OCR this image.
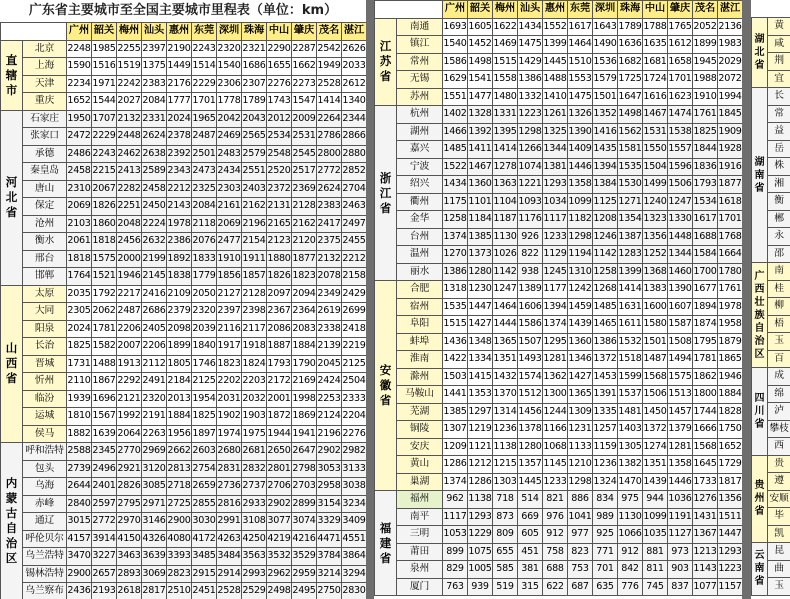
广东省主要城市至全国主要城市里程表（单位：km）
		广州	韶关	梅州	汕头	惠州	东莞	深圳	珠海	中山	肇庆	茂名	湛江
直辖市	北京	2248	1985	2255	2397	2190	2243	2320	2321	2290	2287	2542	2626
	上海	1590	1516	1519	1375	1449	1514	1540	1686	1655	1662	1949	2033
	天津	2234	1971	2242	2383	2176	2229	2306	2307	2276	2273	2528	2612
	重庆	1652	1544	2027	2084	1777	1701	1778	1789	1743	1547	1414	1340
河北省	石家庄	1950	1707	2132	2331	2024	1965	2042	2043	2012	2009	2264	2344
	张家口	2472	2229	2448	2624	2378	2487	2469	2565	2534	2531	2786	2866
	承德	2486	2243	2462	2638	2392	2501	2483	2579	2548	2545	2800	2880
	秦皇岛	2458	2215	2413	2589	2343	2473	2434	2551	2520	2517	2772	2852
	唐山	2310	2067	2282	2458	2212	2325	2303	2403	2372	2369	2624	2704
	保定	2069	1826	2251	2450	2143	2084	2161	2162	2131	2128	2383	2463
	沧州	2103	1860	2048	2224	1978	2118	2069	2196	2165	2162	2417	2497
	衡水	2061	1818	2456	2632	2386	2076	2477	2154	2123	2120	2375	2455
	邢台	1818	1575	2000	2199	1892	1833	1910	1911	1880	1877	2132	2212
	邯郸	1764	1521	1946	2145	1838	1779	1856	1857	1826	1823	2078	2158
山西省	太原	2035	1792	2217	2416	2109	2050	2127	2128	2097	2094	2349	2429
	大同	2305	2062	2487	2686	2379	2320	2397	2398	2367	2364	2619	2699
	阳泉	2024	1781	2206	2405	2098	2039	2116	2117	2086	2083	2338	2418
	长治	1825	1582	2007	2206	1899	1840	1917	1918	1887	1884	2139	2219
	晋城	1731	1488	1913	2112	1805	1746	1823	1824	1793	1790	2045	2125
	忻州	2110	1867	2292	2491	2184	2125	2202	2203	2172	2169	2424	2504
	临汾	1939	1696	2121	2320	2013	1954	2031	2032	2001	1998	2253	2333
	运城	1810	1567	1992	2191	1884	1825	1902	1903	1872	1869	2124	2204
	侯马	1882	1639	2064	2263	1956	1897	1974	1975	1944	1941	2196	2276
内蒙古自治区	呼和浩特	2588	2345	2770	2969	2662	2603	2680	2681	2650	2647	2902	2982
	包头	2739	2496	2921	3120	2813	2754	2831	2832	2801	2798	3053	3133
	乌海	2644	2401	2826	3085	2718	2659	2736	2737	2706	2703	2958	3038
	赤峰	2840	2597	2795	2971	2725	2855	2816	2933	2902	2899	3154	3234
	通辽	3015	2772	2970	3146	2900	3030	2991	3108	3077	3074	3329	3409
	呼伦贝尔	4157	3914	4150	4326	4080	4172	4263	4250	4219	4216	4471	4551
	乌兰浩特	3470	3227	3463	3639	3393	3485	3484	3563	3532	3529	3784	3864
	锡林浩特	2900	2657	2893	3069	2823	2915	2914	2993	2962	2959	3214	3294
	乌兰察布	2436	2193	2618	2817	2510	2451	2528	2529	2498	2495	2750	2830
		广州	韶关	梅州	汕头	惠州	东莞	深圳	珠海	中山	肇庆	茂名	湛江
江苏省	南通	1693	1605	1622	1434	1552	1617	1643	1789	1788	1765	2052	2136
	镇江	1540	1452	1469	1475	1399	1464	1490	1636	1635	1612	1899	1983
	常州	1586	1498	1515	1429	1445	1510	1536	1682	1681	1658	1945	2029
	无锡	1629	1541	1558	1386	1488	1553	1579	1725	1724	1701	1988	2072
	苏州	1551	1477	1480	1332	1410	1475	1501	1647	1616	1623	1910	1994
浙江省	杭州	1402	1328	1331	1223	1261	1326	1352	1498	1467	1474	1761	1845
	湖州	1466	1392	1395	1298	1325	1390	1416	1562	1531	1538	1825	1909
	嘉兴	1485	1411	1414	1266	1344	1409	1435	1581	1550	1557	1844	1928
	宁波	1522	1467	1278	1074	1381	1446	1394	1535	1504	1596	1836	1916
	绍兴	1434	1360	1363	1221	1293	1358	1384	1530	1499	1506	1793	1877
	衢州	1175	1101	1104	1093	1034	1099	1125	1271	1240	1247	1534	1618
	金华	1258	1184	1187	1176	1117	1182	1208	1354	1323	1330	1617	1701
	台州	1374	1385	1130	926	1233	1298	1246	1387	1356	1448	1688	1768
	温州	1270	1373	1026	822	1129	1194	1142	1283	1252	1344	1584	1664
	丽水	1386	1280	1142	938	1245	1310	1258	1399	1368	1460	1700	1780
安徽省	合肥	1318	1230	1247	1389	1177	1242	1268	1414	1383	1390	1677	1761
	宿州	1535	1447	1464	1606	1394	1459	1485	1631	1600	1607	1894	1978
	阜阳	1515	1427	1444	1586	1374	1439	1465	1611	1580	1587	1874	1958
	蚌埠	1436	1348	1365	1507	1295	1360	1386	1532	1501	1508	1795	1879
	淮南	1422	1334	1351	1493	1281	1346	1372	1518	1487	1494	1781	1865
	滁州	1503	1415	1432	1574	1362	1427	1453	1599	1568	1575	1862	1946
	马鞍山	1441	1353	1370	1512	1300	1365	1391	1537	1506	1513	1800	1884
	芜湖	1385	1297	1314	1456	1244	1309	1335	1481	1450	1457	1744	1828
	铜陵	1307	1219	1236	1378	1166	1231	1257	1403	1372	1379	1666	1750
	安庆	1209	1121	1138	1280	1068	1133	1159	1305	1274	1281	1568	1652
	黄山	1286	1212	1215	1357	1145	1210	1236	1382	1351	1358	1645	1729
	巢湖	1374	1286	1303	1445	1233	1298	1324	1470	1439	1446	1733	1817
福建省	福州	962	1138	718	514	821	886	834	975	944	1036	1276	1356
	南平	1117	1293	873	669	976	1041	989	1130	1099	1191	1431	1511
	三明	1053	1229	809	605	912	977	925	1066	1035	1127	1367	1447
	莆田	899	1075	655	451	758	823	771	912	881	973	1213	1293
	泉州	829	1005	585	381	688	753	701	842	811	903	1143	1223
	厦门	763	939	519	315	622	687	635	776	745	837	1077	1157
湖北省	黄
	咸
	荆
	宜
湖南省	长
	常
	益
	岳
	株
	湘
	衡
	郴
	永
	邵
广西壮族自治区	南
	桂
	柳
	梧
	玉
	百
四川省	成
	绵
	泸
	攀枝
	西
贵州省	贵
	遵
	安顺
	毕
	凯
云南省	昆
	曲
	玉
